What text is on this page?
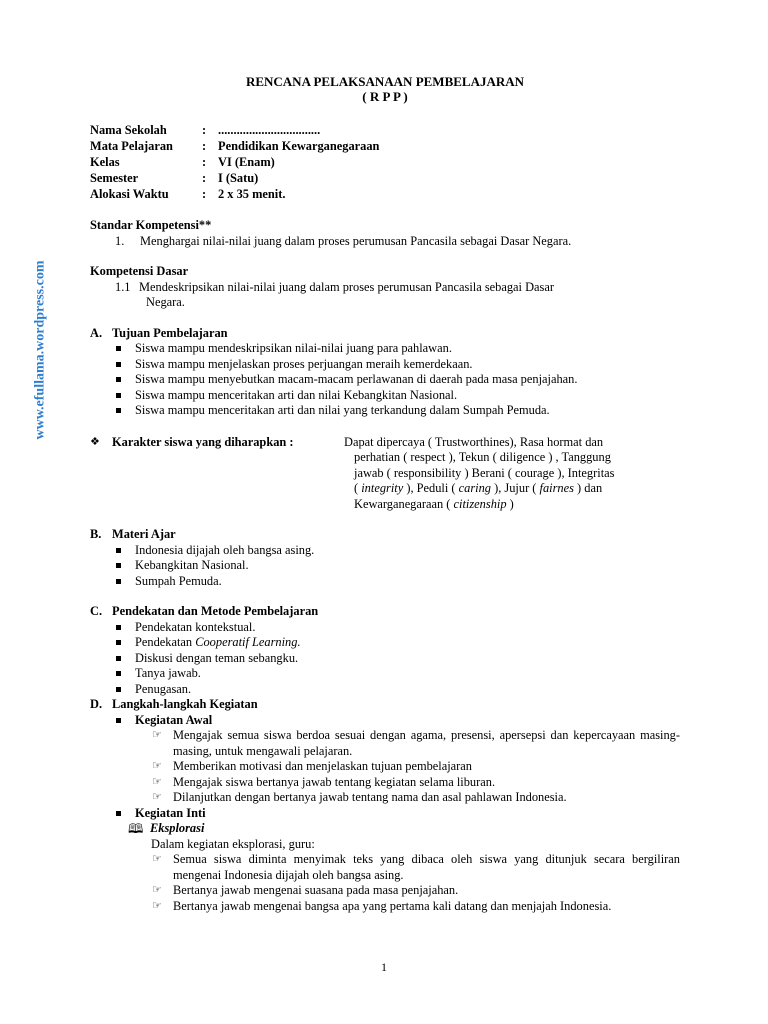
www.efullama.wordpress.com
RENCANA PELAKSANAAN PEMBELAJARAN
( R P P )
Nama Sekolah	: .................................
Mata Pelajaran	: Pendidikan Kewarganegaraan
Kelas	: VI (Enam)
Semester	: I (Satu)
Alokasi Waktu	: 2 x 35 menit.
Standar Kompetensi**
1.	Menghargai nilai-nilai juang dalam proses perumusan Pancasila sebagai Dasar Negara.
Kompetensi Dasar
1.1 Mendeskripsikan nilai-nilai juang dalam proses perumusan Pancasila sebagai Dasar
Negara.
A. Tujuan Pembelajaran
Siswa mampu mendeskripsikan nilai-nilai juang para pahlawan.
Siswa mampu menjelaskan proses perjuangan meraih kemerdekaan.
Siswa mampu menyebutkan macam-macam perlawanan di daerah pada masa penjajahan.
Siswa mampu menceritakan arti dan nilai Kebangkitan Nasional.
Siswa mampu menceritakan arti dan nilai yang terkandung dalam Sumpah Pemuda.
❖ Karakter siswa yang diharapkan :	Dapat dipercaya ( Trustworthines), Rasa hormat dan
perhatian ( respect ), Tekun ( diligence ) , Tanggung
jawab ( responsibility ) Berani ( courage ), Integritas
( integrity ), Peduli ( caring ), Jujur ( fairnes ) dan
Kewarganegaraan ( citizenship )
B. Materi Ajar
Indonesia dijajah oleh bangsa asing.
Kebangkitan Nasional.
Sumpah Pemuda.
C. Pendekatan dan Metode Pembelajaran
Pendekatan kontekstual.
Pendekatan Cooperatif Learning.
Diskusi dengan teman sebangku.
Tanya jawab.
Penugasan.
D. Langkah-langkah Kegiatan
Kegiatan Awal
☞ Mengajak semua siswa berdoa sesuai dengan agama, presensi, apersepsi dan kepercayaan masing-masing, untuk mengawali pelajaran.
☞ Memberikan motivasi dan menjelaskan tujuan pembelajaran
☞ Mengajak siswa bertanya jawab tentang kegiatan selama liburan.
☞ Dilanjutkan dengan bertanya jawab tentang nama dan asal pahlawan Indonesia.
Kegiatan Inti
🕮 Eksplorasi
Dalam kegiatan eksplorasi, guru:
☞ Semua siswa diminta menyimak teks yang dibaca oleh siswa yang ditunjuk secara bergiliran mengenai Indonesia dijajah oleh bangsa asing.
☞ Bertanya jawab mengenai suasana pada masa penjajahan.
☞ Bertanya jawab mengenai bangsa apa yang pertama kali datang dan menjajah Indonesia.
1
